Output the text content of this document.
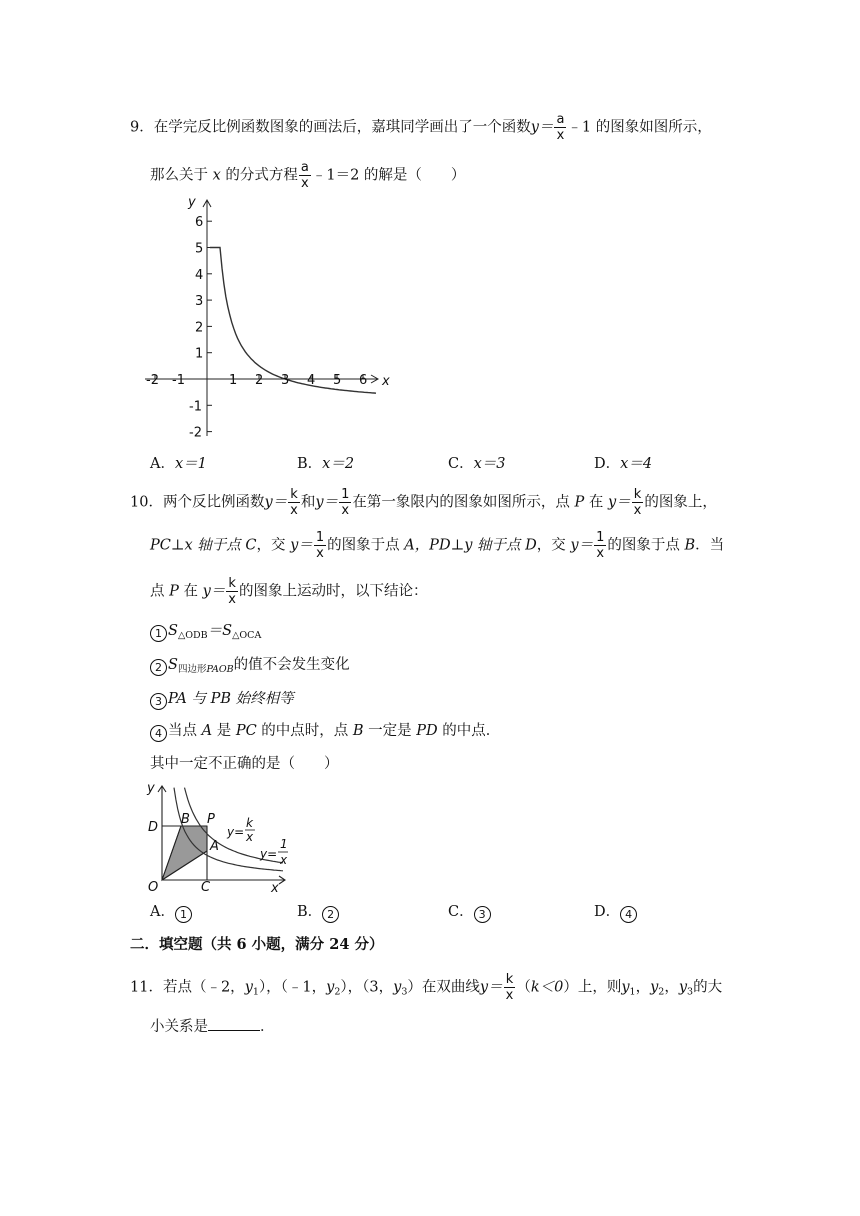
9．在学完反比例函数图象的画法后，嘉琪同学画出了一个函数$y= \frac{a}{x}$ ﹣1 的图象如图所示，
那么关于 x 的分式方程 $\frac{a}{x}$ ﹣1＝2 的解是（　　）
-2 -1	1 2 3 4 5 6
6
5
4
3
2
1
-1
-2
x
y
A．x＝1	B．x＝2	C．x＝3	D．x＝4
10．两个反比例函数$y= \frac{k}{x}$ 和$y= \frac{1}{x}$ 在第一象限内的图象如图所示，点 P 在 $y= \frac{k}{x}$ 的图象上，
PC⊥x 轴于点 C，交 $y= \frac{1}{x}$ 的图象于点 A，PD⊥y 轴于点 D，交 $y= \frac{1}{x}$ 的图象于点 B．当
点 P 在 $y= \frac{k}{x}$ 的图象上运动时，以下结论：
1 $S_{\triangle ODB}=S_{\triangle OCA}$
2 $S_{四边形PAOB}$的值不会发生变化
3 PA 与 PB 始终相等
4 当点 A 是 PC 的中点时，点 B 一定是 PD 的中点．
其中一定不正确的是（　　）
y
x
O	C
D
B P
A
y=
k
x
y=
1
x
A． 1	B． 2	C． 3	D． 4
二．填空题（共 6 小题，满分 24 分）
11．若点（﹣2，$y_1$），（﹣1，$y_2$），（3，$y_3$）在双曲线$y= \frac{k}{x} (k<0)$上，则$y_1$，$y_2$，$y_3$的大
小关系是	．
